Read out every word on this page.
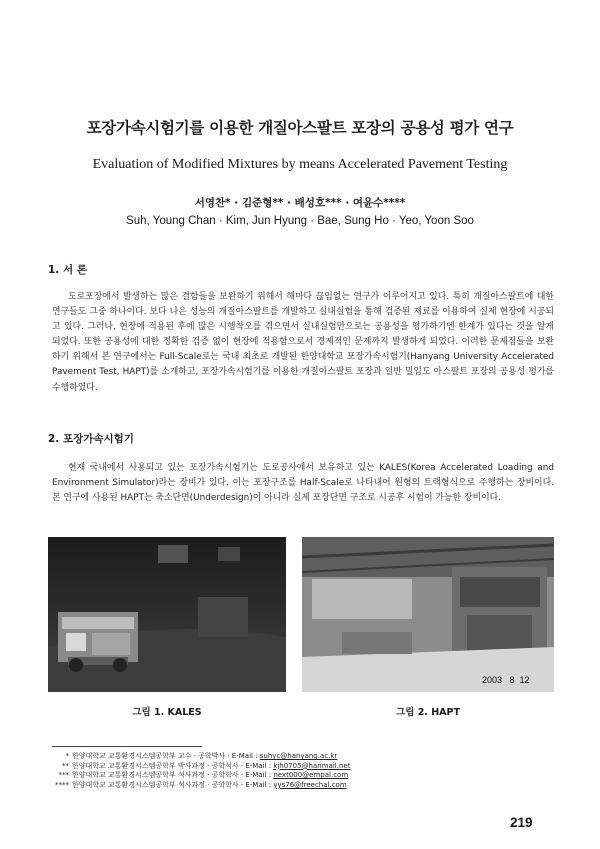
포장가속시험기를 이용한 개질아스팔트 포장의 공용성 평가 연구
Evaluation of Modified Mixtures by means Accelerated Pavement Testing
서영찬* · 김준형** · 배성호*** · 여윤수****
Suh, Young Chan · Kim, Jun Hyung · Bae, Sung Ho · Yeo, Yoon Soo
1. 서 론
도로포장에서 발생하는 많은 결함들을 보완하기 위해서 해마다 끊임없는 연구가 이루어지고 있다. 특히 개질아스팔트에 대한 연구들도 그중 하나이다. 보다 나은 성능의 개질아스팔트를 개발하고 실내실험을 통해 검증된 재료를 이용하여 실제 현장에 시공되고 있다. 그러나, 현장에 적용된 후에 많은 시행착오를 겪으면서 실내실험만으로는 공용성을 평가하기엔 한계가 있다는 것을 알게 되었다. 또한 공용성에 대한 정확한 검증 없이 현장에 적용함으로서 경제적인 문제까지 발생하게 되었다. 이러한 문제점들을 보완하기 위해서 본 연구에서는 Full-Scale로는 국내 최초로 개발된 한양대학교 포장가속시험기(Hanyang University Accelerated Pavement Test, HAPT)를 소개하고, 포장가속시험기를 이용한 개질아스팔트 포장과 일반 밀입도 아스팔트 포장의 공용성 평가를 수행하였다.
2. 포장가속시험기
현재 국내에서 사용되고 있는 포장가속시험기는 도로공사에서 보유하고 있는 KALES(Korea Accelerated Loading and Environment Simulator)라는 장비가 있다. 이는 포장구조를 Half-Scale로 나타내어 원형의 트랙형식으로 주행하는 장비이다. 본 연구에 사용된 HAPT는 축소단면(Underdesign)이 아니라 실제 포장단면 구조로 시공후 시험이 가능한 장비이다.
2003   8  12
그림 1. KALES	그림 2. HAPT
* 한양대학교 교통환경시스템공학부 교수 · 공학박사 · E-Mail : suhyc@hanyang.ac.kr
** 한양대학교 교통환경시스템공학부 박사과정 · 공학석사 · E-Mail : kjh0705@hanmail.net
*** 한양대학교 교통환경시스템공학부 석사과정 · 공학학사 · E-Mail : next000@empal.com
**** 한양대학교 교통환경시스템공학부 석사과정 · 공학학사 · E-Mail : yys76@freechal.com
219
